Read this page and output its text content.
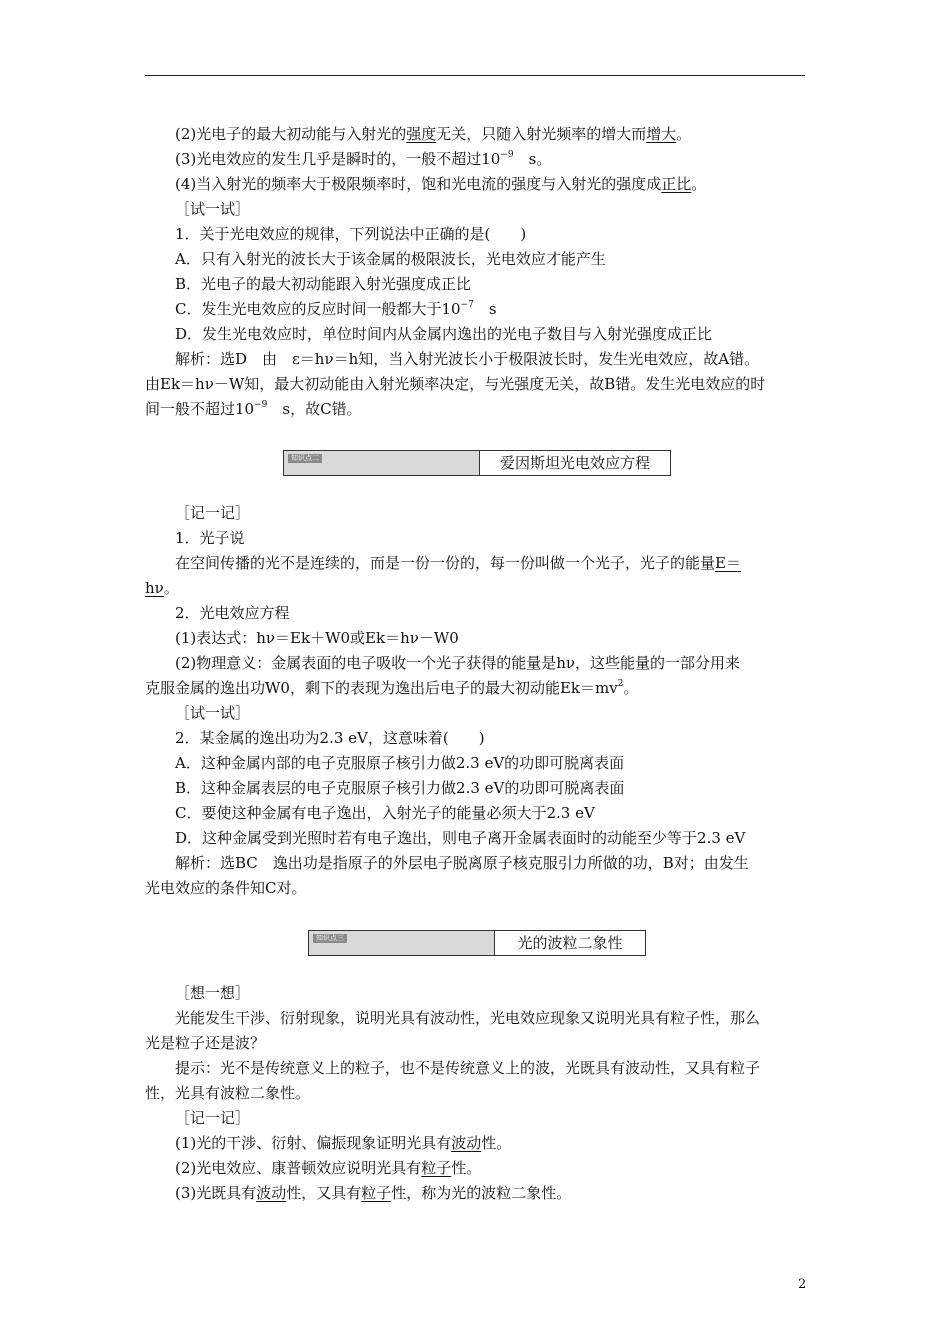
(2)光电子的最大初动能与入射光的强度无关，只随入射光频率的增大而增大。
(3)光电效应的发生几乎是瞬时的，一般不超过$10^{-9}$　s。
(4)当入射光的频率大于极限频率时，饱和光电流的强度与入射光的强度成正比。
［试一试］
1．关于光电效应的规律，下列说法中正确的是(　　)
A．只有入射光的波长大于该金属的极限波长，光电效应才能产生
B．光电子的最大初动能跟入射光强度成正比
C．发生光电效应的反应时间一般都大于$10^{-7}$　s
D．发生光电效应时，单位时间内从金属内逸出的光电子数目与入射光强度成正比
解析：选D　由　ε＝hν＝h知，当入射光波长小于极限波长时，发生光电效应，故A错。
由Ek＝hν－W知，最大初动能由入射光频率决定，与光强度无关，故B错。发生光电效应的时
间一般不超过$10^{-9}$　s，故C错。
知识点二	爱因斯坦光电效应方程
［记一记］
1．光子说
在空间传播的光不是连续的，而是一份一份的，每一份叫做一个光子，光子的能量E＝
hν。
2．光电效应方程
(1)表达式：hν＝Ek＋W0或Ek＝hν－W0
(2)物理意义：金属表面的电子吸收一个光子获得的能量是hν，这些能量的一部分用来
克服金属的逸出功W0，剩下的表现为逸出后电子的最大初动能$Ek=mv^2$。
［试一试］
2．某金属的逸出功为2.3 eV，这意味着(　　)
A．这种金属内部的电子克服原子核引力做2.3 eV的功即可脱离表面
B．这种金属表层的电子克服原子核引力做2.3 eV的功即可脱离表面
C．要使这种金属有电子逸出，入射光子的能量必须大于2.3 eV
D．这种金属受到光照时若有电子逸出，则电子离开金属表面时的动能至少等于2.3 eV
解析：选BC　逸出功是指原子的外层电子脱离原子核克服引力所做的功，B对；由发生
光电效应的条件知C对。
知识点三	光的波粒二象性
［想一想］
光能发生干涉、衍射现象，说明光具有波动性，光电效应现象又说明光具有粒子性，那么
光是粒子还是波？
提示：光不是传统意义上的粒子，也不是传统意义上的波，光既具有波动性，又具有粒子
性，光具有波粒二象性。
［记一记］
(1)光的干涉、衍射、偏振现象证明光具有波动性。
(2)光电效应、康普顿效应说明光具有粒子性。
(3)光既具有波动性，又具有粒子性，称为光的波粒二象性。
2
